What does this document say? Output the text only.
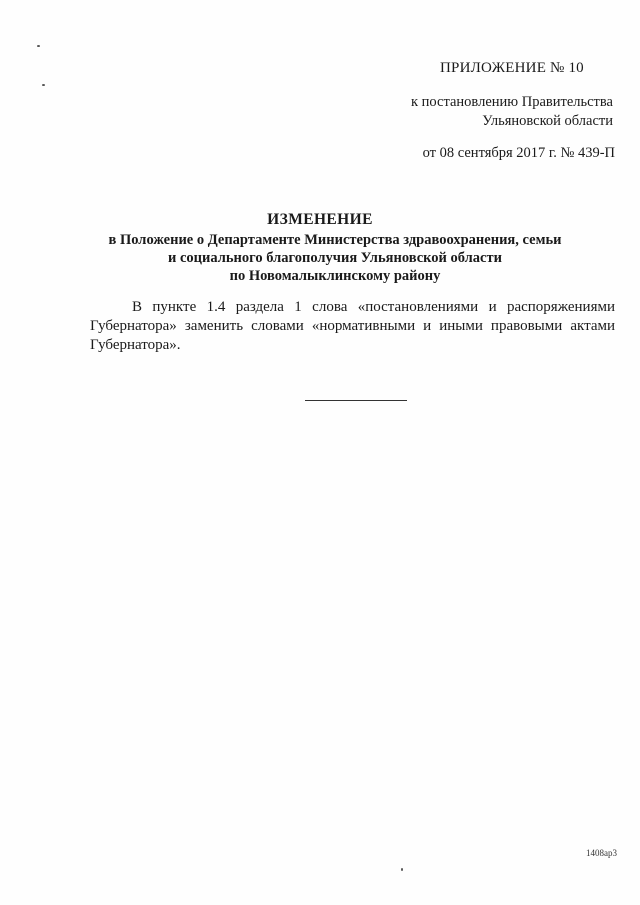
ПРИЛОЖЕНИЕ № 10
к постановлению Правительства
Ульяновской области
от 08 сентября 2017 г. № 439-П
ИЗМЕНЕНИЕ
в Положение о Департаменте Министерства здравоохранения, семьи
и социального благополучия Ульяновской области
по Новомалыклинскому району

В пункте 1.4 раздела 1 слова «постановлениями и распоряжениями Губернатора» заменить словами «нормативными и иными правовыми актами Губернатора».

1408ap3
